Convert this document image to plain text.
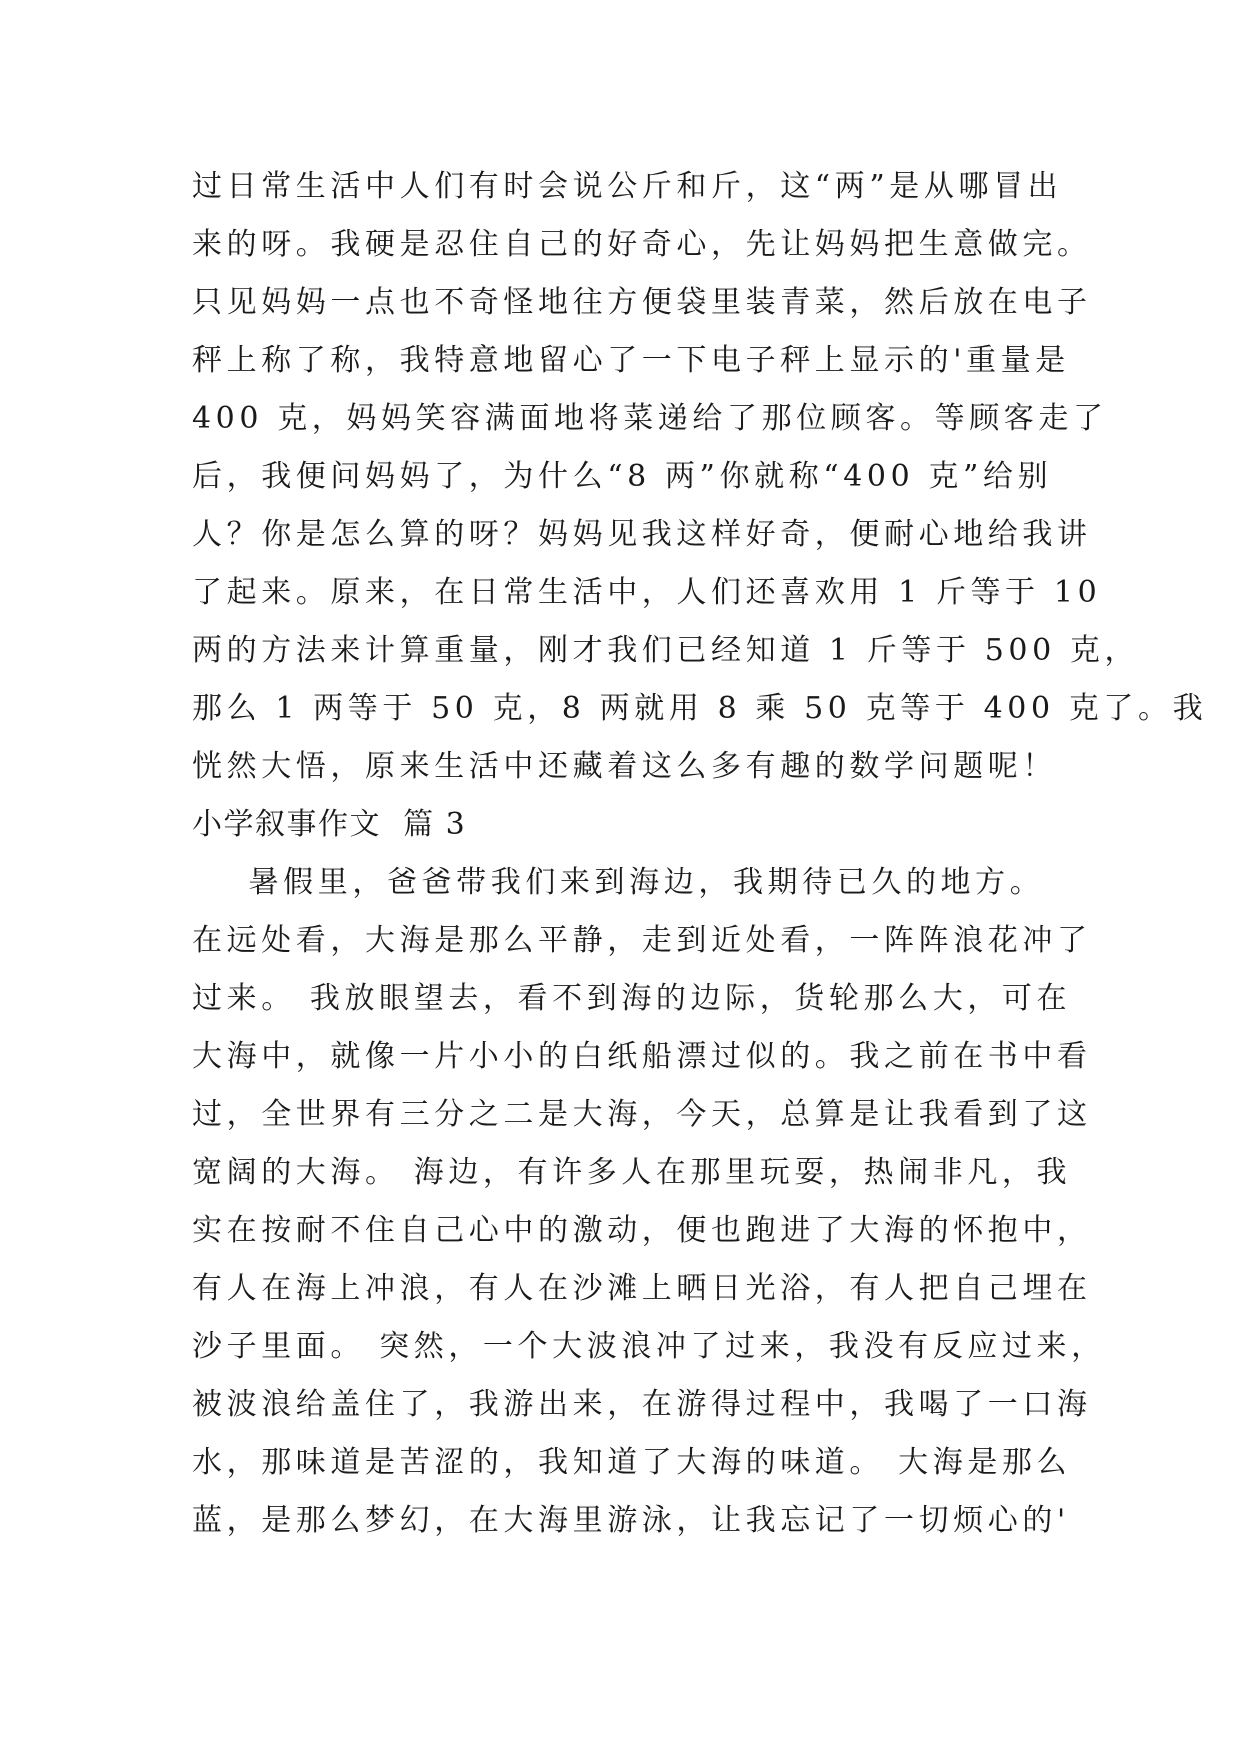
过日常生活中人们有时会说公斤和斤，这“两”是从哪冒出
来的呀。我硬是忍住自己的好奇心，先让妈妈把生意做完。
只见妈妈一点也不奇怪地往方便袋里装青菜，然后放在电子
秤上称了称，我特意地留心了一下电子秤上显示的'重量是
400 克，妈妈笑容满面地将菜递给了那位顾客。等顾客走了
后，我便问妈妈了，为什么“8 两”你就称“400 克”给别
人？你是怎么算的呀？妈妈见我这样好奇，便耐心地给我讲
了起来。原来，在日常生活中，人们还喜欢用 1 斤等于 10
两的方法来计算重量，刚才我们已经知道 1 斤等于 500 克，
那么 1 两等于 50 克，8 两就用 8 乘 50 克等于 400 克了。我
恍然大悟，原来生活中还藏着这么多有趣的数学问题呢！
小学叙事作文  篇 3
暑假里，爸爸带我们来到海边，我期待已久的地方。
在远处看，大海是那么平静，走到近处看，一阵阵浪花冲了
过来。 我放眼望去，看不到海的边际，货轮那么大，可在
大海中，就像一片小小的白纸船漂过似的。我之前在书中看
过，全世界有三分之二是大海，今天，总算是让我看到了这
宽阔的大海。 海边，有许多人在那里玩耍，热闹非凡，我
实在按耐不住自己心中的激动，便也跑进了大海的怀抱中，
有人在海上冲浪，有人在沙滩上晒日光浴，有人把自己埋在
沙子里面。 突然，一个大波浪冲了过来，我没有反应过来，
被波浪给盖住了，我游出来，在游得过程中，我喝了一口海
水，那味道是苦涩的，我知道了大海的味道。 大海是那么
蓝，是那么梦幻，在大海里游泳，让我忘记了一切烦心的'
